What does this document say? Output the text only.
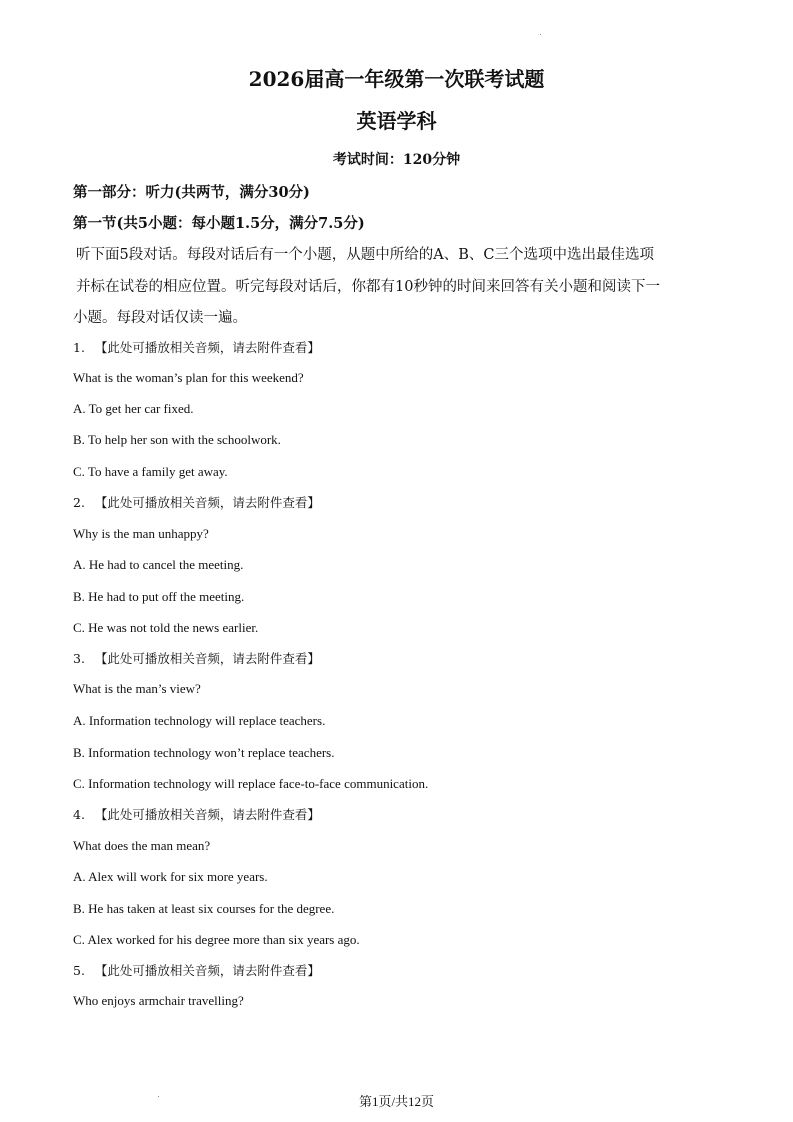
2026届高一年级第一次联考试题
英语学科
考试时间：120分钟
第一部分：听力(共两节，满分30分)
第一节(共5小题：每小题1.5分，满分7.5分)
听下面5段对话。每段对话后有一个小题，从题中所给的A、B、C三个选项中选出最佳选项
并标在试卷的相应位置。听完每段对话后，你都有10秒钟的时间来回答有关小题和阅读下一
小题。每段对话仅读一遍。
1. 【此处可播放相关音频，请去附件查看】
What is the woman’s plan for this weekend?
A. To get her car fixed.
B. To help her son with the schoolwork.
C. To have a family get away.
2. 【此处可播放相关音频，请去附件查看】
Why is the man unhappy?
A. He had to cancel the meeting.
B. He had to put off the meeting.
C. He was not told the news earlier.
3. 【此处可播放相关音频，请去附件查看】
What is the man’s view?
A. Information technology will replace teachers.
B. Information technology won’t replace teachers.
C. Information technology will replace face-to-face communication.
4. 【此处可播放相关音频，请去附件查看】
What does the man mean?
A. Alex will work for six more years.
B. He has taken at least six courses for the degree.
C. Alex worked for his degree more than six years ago.
5. 【此处可播放相关音频，请去附件查看】
Who enjoys armchair travelling?
第1页/共12页
